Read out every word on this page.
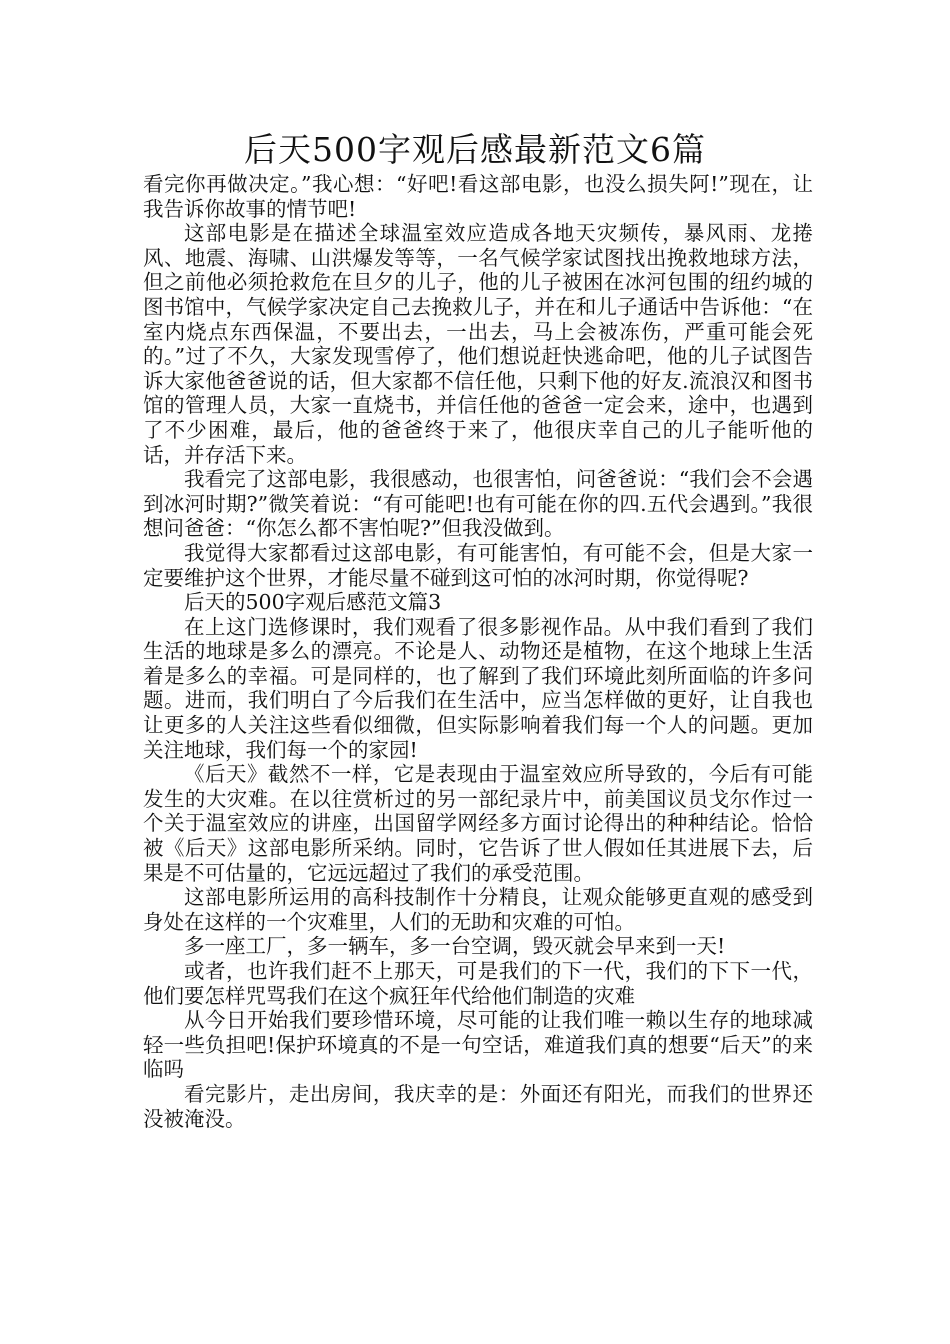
后天500字观后感最新范文6篇

看完你再做决定。”我心想：“好吧!看这部电影，也没么损失阿!”现在，让我告诉你故事的情节吧!

这部电影是在描述全球温室效应造成各地天灾频传，暴风雨、龙捲风、地震、海啸、山洪爆发等等，一名气候学家试图找出挽救地球方法，但之前他必须抢救危在旦夕的儿子，他的儿子被困在冰河包围的纽约城的图书馆中，气候学家决定自己去挽救儿子，并在和儿子通话中告诉他：“在室内烧点东西保温，不要出去，一出去，马上会被冻伤，严重可能会死的。”过了不久，大家发现雪停了，他们想说赶快逃命吧，他的儿子试图告诉大家他爸爸说的话，但大家都不信任他，只剩下他的好友.流浪汉和图书馆的管理人员，大家一直烧书，并信任他的爸爸一定会来，途中，也遇到了不少困难，最后，他的爸爸终于来了，他很庆幸自己的儿子能听他的话，并存活下来。

我看完了这部电影，我很感动，也很害怕，问爸爸说：“我们会不会遇到冰河时期?”微笑着说：“有可能吧!也有可能在你的四.五代会遇到。”我很想问爸爸：“你怎么都不害怕呢?”但我没做到。

我觉得大家都看过这部电影，有可能害怕，有可能不会，但是大家一定要维护这个世界，才能尽量不碰到这可怕的冰河时期，你觉得呢?

后天的500字观后感范文篇3

在上这门选修课时，我们观看了很多影视作品。从中我们看到了我们生活的地球是多么的漂亮。不论是人、动物还是植物，在这个地球上生活着是多么的幸福。可是同样的，也了解到了我们环境此刻所面临的许多问题。进而，我们明白了今后我们在生活中，应当怎样做的更好，让自我也让更多的人关注这些看似细微，但实际影响着我们每一个人的问题。更加关注地球，我们每一个的家园!

《后天》截然不一样，它是表现由于温室效应所导致的，今后有可能发生的大灾难。在以往赏析过的另一部纪录片中，前美国议员戈尔作过一个关于温室效应的讲座，出国留学网经多方面讨论得出的种种结论。恰恰被《后天》这部电影所采纳。同时，它告诉了世人假如任其进展下去，后果是不可估量的，它远远超过了我们的承受范围。

这部电影所运用的高科技制作十分精良，让观众能够更直观的感受到身处在这样的一个灾难里，人们的无助和灾难的可怕。

多一座工厂，多一辆车，多一台空调，毁灭就会早来到一天!

或者，也许我们赶不上那天，可是我们的下一代，我们的下下一代，他们要怎样咒骂我们在这个疯狂年代给他们制造的灾难

从今日开始我们要珍惜环境，尽可能的让我们唯一赖以生存的地球减轻一些负担吧!保护环境真的不是一句空话，难道我们真的想要“后天”的来临吗

看完影片，走出房间，我庆幸的是：外面还有阳光，而我们的世界还没被淹没。
